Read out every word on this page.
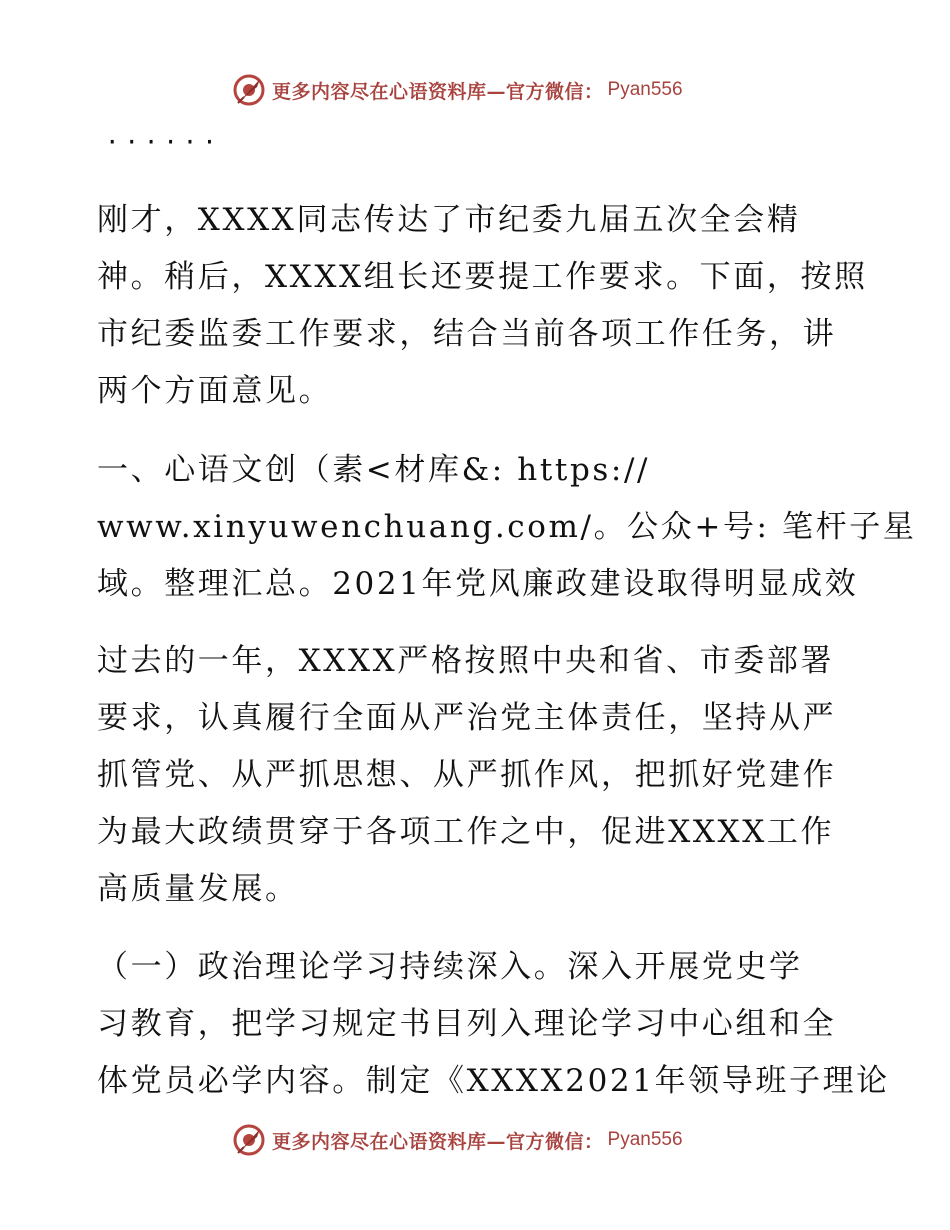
更多内容尽在心语资料库—官方微信： Pyan556
······
刚才，XXXX同志传达了市纪委九届五次全会精
神。稍后，XXXX组长还要提工作要求。下面，按照
市纪委监委工作要求，结合当前各项工作任务，讲
两个方面意见。
一、心语文创（素<材库&: https://
www.xinyuwenchuang.com/。公众+号: 笔杆子星
域。整理汇总。2021年党风廉政建设取得明显成效
过去的一年，XXXX严格按照中央和省、市委部署
要求，认真履行全面从严治党主体责任，坚持从严
抓管党、从严抓思想、从严抓作风，把抓好党建作
为最大政绩贯穿于各项工作之中，促进XXXX工作
高质量发展。
（一）政治理论学习持续深入。深入开展党史学
习教育，把学习规定书目列入理论学习中心组和全
体党员必学内容。制定《XXXX2021年领导班子理论
更多内容尽在心语资料库—官方微信： Pyan556
